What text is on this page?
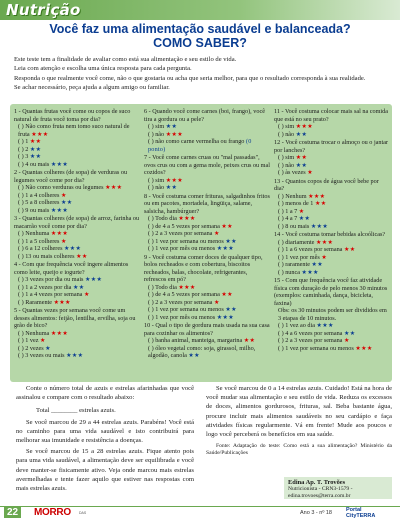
Nutrição
Você faz uma alimentação saudável e balanceada?
COMO SABER?

Este teste tem a finalidade de avaliar como está sua alimentação e seu estilo de vida.

Leia com atenção e escolha uma única resposta para cada pergunta.

Responda o que realmente você come, não o que gostaria ou acha que seria melhor, para que o resultado corresponda à sua realidade.

Se achar necessário, peça ajuda a algum amigo ou familiar.

1 - Quantas frutas você come ou copos de suco natural de fruta você toma por dia?
( ) Não como fruta nem tomo suco natural de fruta ★★★
( ) 1 ★★
( ) 2 ★★
( ) 3 ★★
( ) 4 ou mais ★★★
2 - Quantas colheres (de sopa) de verduras ou legumes você come por dia?
( ) Não como verduras ou legumes ★★★
( ) 1 a 4 colheres ★
( ) 5 a 8 colheres ★★
( ) 9 ou mais ★★★
3 - Quantas colheres (de sopa) de arroz, farinha ou macarrão você come por dia?
( ) Nenhuma ★★★
( ) 1 a 5 colheres ★
( ) 6 a 12 colheres ★★★
( ) 13 ou mais colheres ★★
4 - Com que frequência você ingere alimentos como leite, queijo e iogurte?
( ) 3 vezes por dia ou mais ★★★
( ) 1 a 2 vezes por dia ★★
( ) 1 a 4 vezes por semana ★
( ) Raramente ★★★
5 - Quantas vezes por semana você come um desses alimentos: feijão, lentilha, ervilha, soja ou grão de bico?
( ) Nenhuma ★★★
( ) 1 vez ★
( ) 2 vezes ★
( ) 3 vezes ou mais ★★★
6 - Quando você come carnes (boi, frango), você tira a gordura ou a pele?
( ) sim ★★
( ) não ★★★
( ) não como carne vermelha ou frango (0 ponto)
7 - Você come carnes cruas ou "mal passadas", ovos crus ou com a gema mole, peixes crus ou mal cozidos?
( ) sim ★★★
( ) não ★★
8 - Você costuma comer frituras, salgadinhos fritos ou em pacotes, mortadela, lingüiça, salame, salsicha, hambúrguer?
( ) Todo dia ★★★
( ) de 4 a 5 vezes por semana ★★
( ) 2 a 3 vezes por semana ★
( ) 1 vez por semana ou menos ★★
( ) 1 vez por mês ou menos ★★★
9 - Você costuma comer doces de qualquer tipo, bolos recheados e com cobertura, biscoitos recheados, balas, chocolate, refrigerantes, refrescos em pó?
( ) Todo dia ★★★
( ) de 4 a 5 vezes por semana ★★
( ) 2 a 3 vezes por semana ★
( ) 1 vez por semana ou menos ★★
( ) 1 vez por mês ou menos ★★★
10 - Qual o tipo de gordura mais usada na sua casa para cozinhar os alimentos?
( ) banha animal, manteiga, margarina ★★
( ) óleo vegetal como: soja, girassol, milho, algodão, canola ★★
11 - Você costuma colocar mais sal na comida que está no seu prato?
( ) sim ★★★
( ) não ★★
12 - Você costuma trocar o almoço ou o jantar por lanches?
( ) sim ★★
( ) não ★★
( ) às vezes ★
13 - Quantos copos de água você bebe por dia?
( ) Nenhum ★★★
( ) menos de 1 ★★
( ) 1 a 7 ★
( ) 4 a 7 ★★
( ) 8 ou mais ★★★
14 - Você costuma tomar bebidas alcoólicas?
( ) diariamente ★★★
( ) 1 a 6 vezes por semana ★★
( ) 1 vez por mês ★
( ) raramente ★★
( ) nunca ★★★
15 - Com que frequência você faz atividade física com duração de pelo menos 30 minutos (exemplos: caminhada, dança, bicicleta, faxina)
Obs: os 30 minutos podem ser divididos em 3 etapas de 10 minutos.
( ) 1 vez ao dia ★★★
( ) 4 a 6 vezes por semana ★★
( ) 2 a 3 vezes por semana ★
( ) 1 vez por semana ou menos ★★★

Conte o número total de azuis e estrelas afarinhadas que você assinalou e compare com o resultado abaixo:

Total ________ estrelas azuis.

Se você marcou de 29 a 44 estrelas azuis. Parabéns! Você está no caminho para uma vida saudável e isto contribuirá para melhorar sua imunidade e resistência a doenças.

Se você marcou de 15 a 28 estrelas azuis. Fique atento pois para uma vida saudável, a alimentação deve ser equilibrada e você deve manter-se fisicamente ativo. Veja onde marcou mais estrelas avermelhadas e tente fazer aquilo que estiver nas respostas com mais estrelas azuis.

Se você marcou de 0 a 14 estrelas azuis. Cuidado! Está na hora de você mudar sua alimentação e seu estilo de vida. Reduza os excessos de doces, alimentos gordurosos, frituras, sal. Beba bastante água, procure incluir mais alimentos saudáveis no seu cardápio e faça atividades físicas regularmente. Vá em frente! Mude aos poucos e logo você perceberá os benefícios em sua saúde.

Fonte: Adaptação do teste: Como está a sua alimentação? Ministério da Saúde/Publicações

Edina Ap. T. Trovões
Nutricionista - CRN3-1579 - edina.trovoes@terra.com.br
22	MORRO DAS	Ano 3 - nº 18	Portal
CityTERRA
